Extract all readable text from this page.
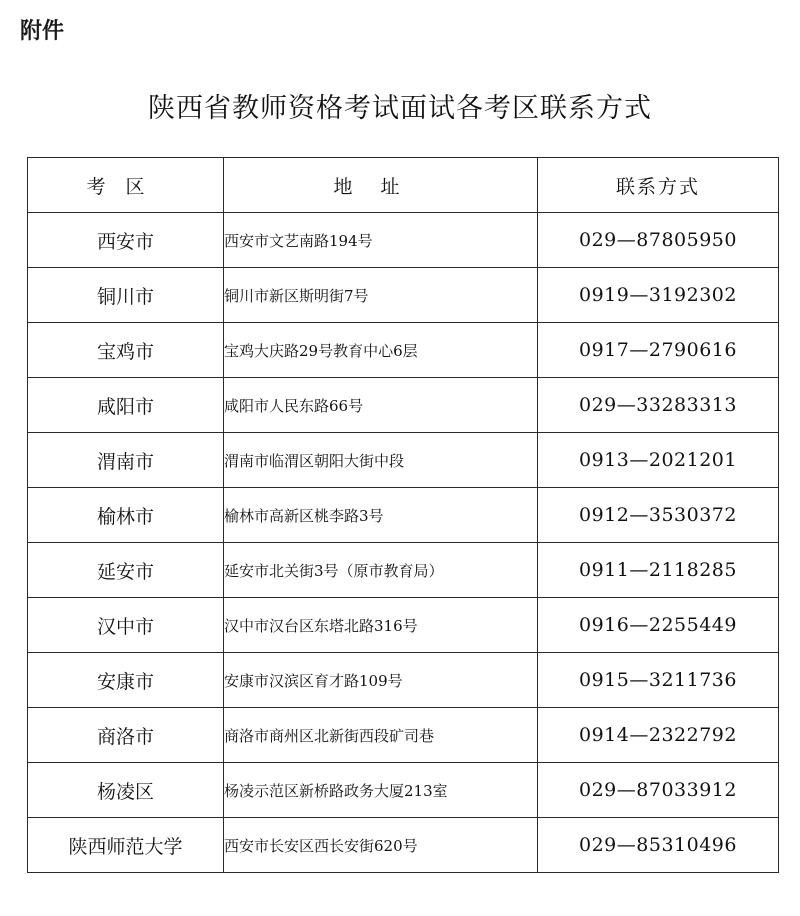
附件
陕西省教师资格考试面试各考区联系方式
考区	地址	联系方式
西安市	西安市文艺南路194号	029—87805950
铜川市	铜川市新区斯明街7号	0919—3192302
宝鸡市	宝鸡大庆路29号教育中心6层	0917—2790616
咸阳市	咸阳市人民东路66号	029—33283313
渭南市	渭南市临渭区朝阳大街中段	0913—2021201
榆林市	榆林市高新区桃李路3号	0912—3530372
延安市	延安市北关街3号（原市教育局）	0911—2118285
汉中市	汉中市汉台区东塔北路316号	0916—2255449
安康市	安康市汉滨区育才路109号	0915—3211736
商洛市	商洛市商州区北新街西段矿司巷	0914—2322792
杨凌区	杨凌示范区新桥路政务大厦213室	029—87033912
陕西师范大学	西安市长安区西长安街620号	029—85310496
